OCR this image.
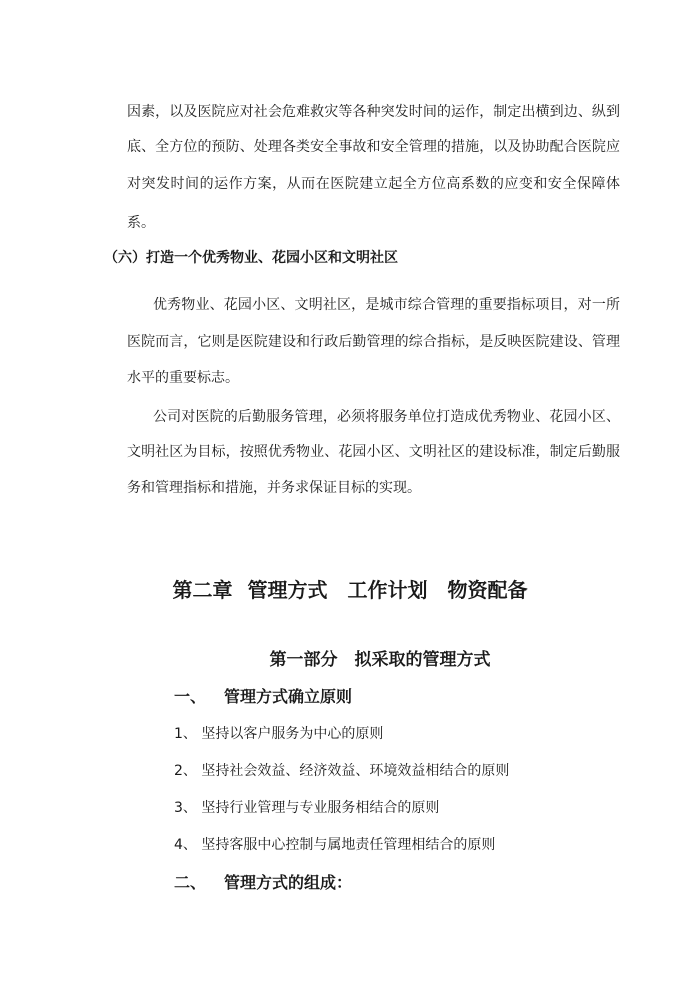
因素，以及医院应对社会危难救灾等各种突发时间的运作，制定出横到边、纵到
底、全方位的预防、处理各类安全事故和安全管理的措施，以及协助配合医院应
对突发时间的运作方案，从而在医院建立起全方位高系数的应变和安全保障体
系。
（六）打造一个优秀物业、花园小区和文明社区
优秀物业、花园小区、文明社区，是城市综合管理的重要指标项目，对一所
医院而言，它则是医院建设和行政后勤管理的综合指标，是反映医院建设、管理
水平的重要标志。
公司对医院的后勤服务管理，必须将服务单位打造成优秀物业、花园小区、
文明社区为目标，按照优秀物业、花园小区、文明社区的建设标准，制定后勤服
务和管理指标和措施，并务求保证目标的实现。
第二章 管理方式　工作计划　物资配备
第一部分　拟采取的管理方式
一、 管理方式确立原则
1、 坚持以客户服务为中心的原则
2、 坚持社会效益、经济效益、环境效益相结合的原则
3、 坚持行业管理与专业服务相结合的原则
4、 坚持客服中心控制与属地责任管理相结合的原则
二、 管理方式的组成：
